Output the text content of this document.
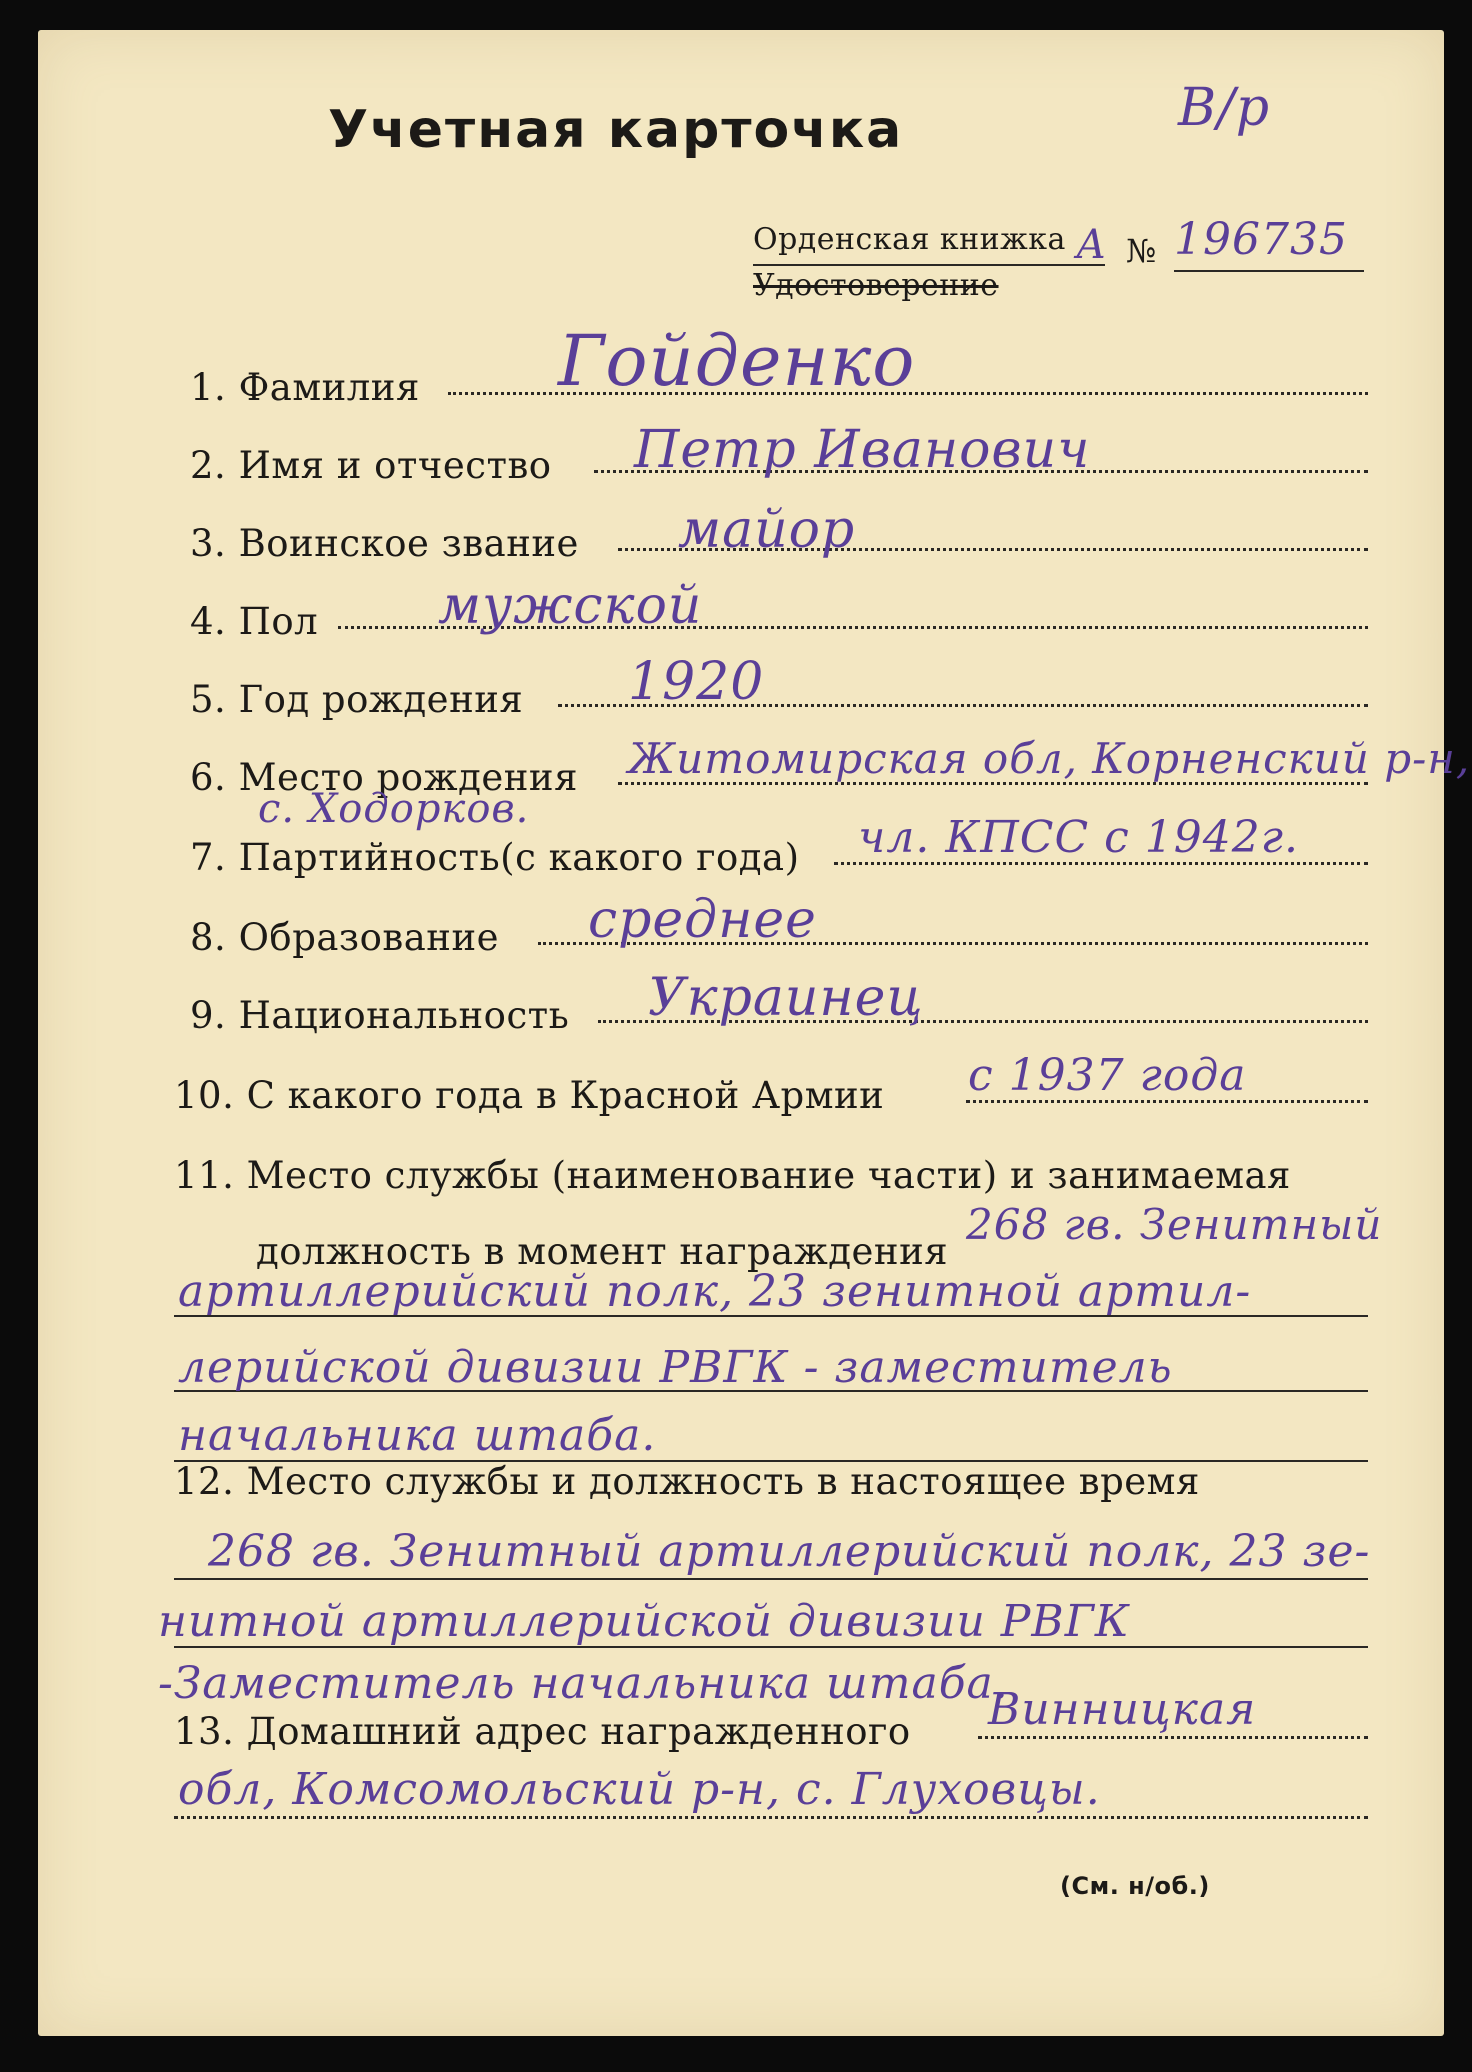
Учетная карточка	В/р
Орденская книжка
Удостоверение
А № 196735
1. Фамилия Гойденко
2. Имя и отчество Петр Иванович
3. Воинское звание майор
4. Пол мужской
5. Год рождения 1920
6. Место рождения Житомирская обл, Корненский р-н,
с. Ходорков.
7. Партийность(с какого года) чл. КПСС с 1942г.
8. Образование среднее
9. Национальность Украинец
10. С какого года в Красной Армии с 1937 года
11. Место службы (наименование части) и занимаемая
должность в момент награждения
268 гв. Зенитный
артиллерийский полк, 23 зенитной артил-
лерийской дивизии РВГК - заместитель
начальника штаба.
12. Место службы и должность в настоящее время
268 гв. Зенитный артиллерийский полк, 23 зе-
нитной артиллерийской дивизии РВГК
-Заместитель начальника штаба.
13. Домашний адрес награжденного Винницкая
обл, Комсомольский р-н, с. Глуховцы.
(См. н/об.)
